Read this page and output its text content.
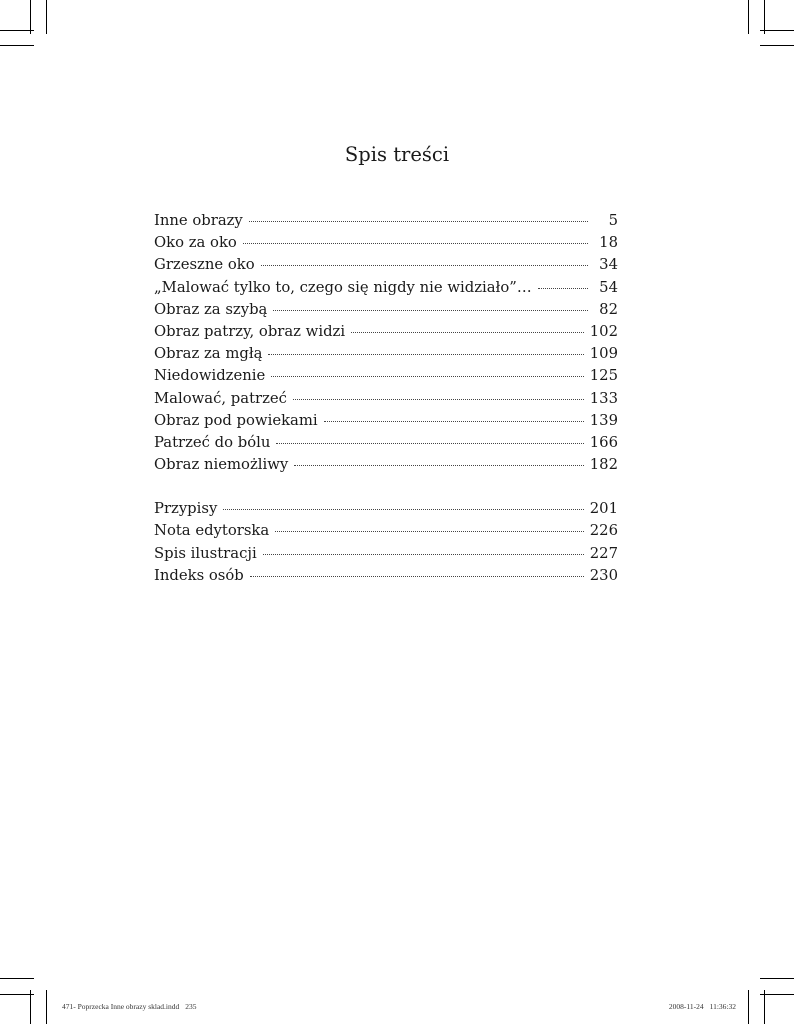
Spis treści
Inne obrazy	5
Oko za oko	18
Grzeszne oko	34
„Malować tylko to, czego się nigdy nie widziało”…	54
Obraz za szybą	82
Obraz patrzy, obraz widzi	102
Obraz za mgłą	109
Niedowidzenie	125
Malować, patrzeć	133
Obraz pod powiekami	139
Patrzeć do bólu	166
Obraz niemożliwy	182
Przypisy	201
Nota edytorska	226
Spis ilustracji	227
Indeks osób	230
471- Poprzecka Inne obrazy sklad.indd 235	2008-11-24 11:36:32
